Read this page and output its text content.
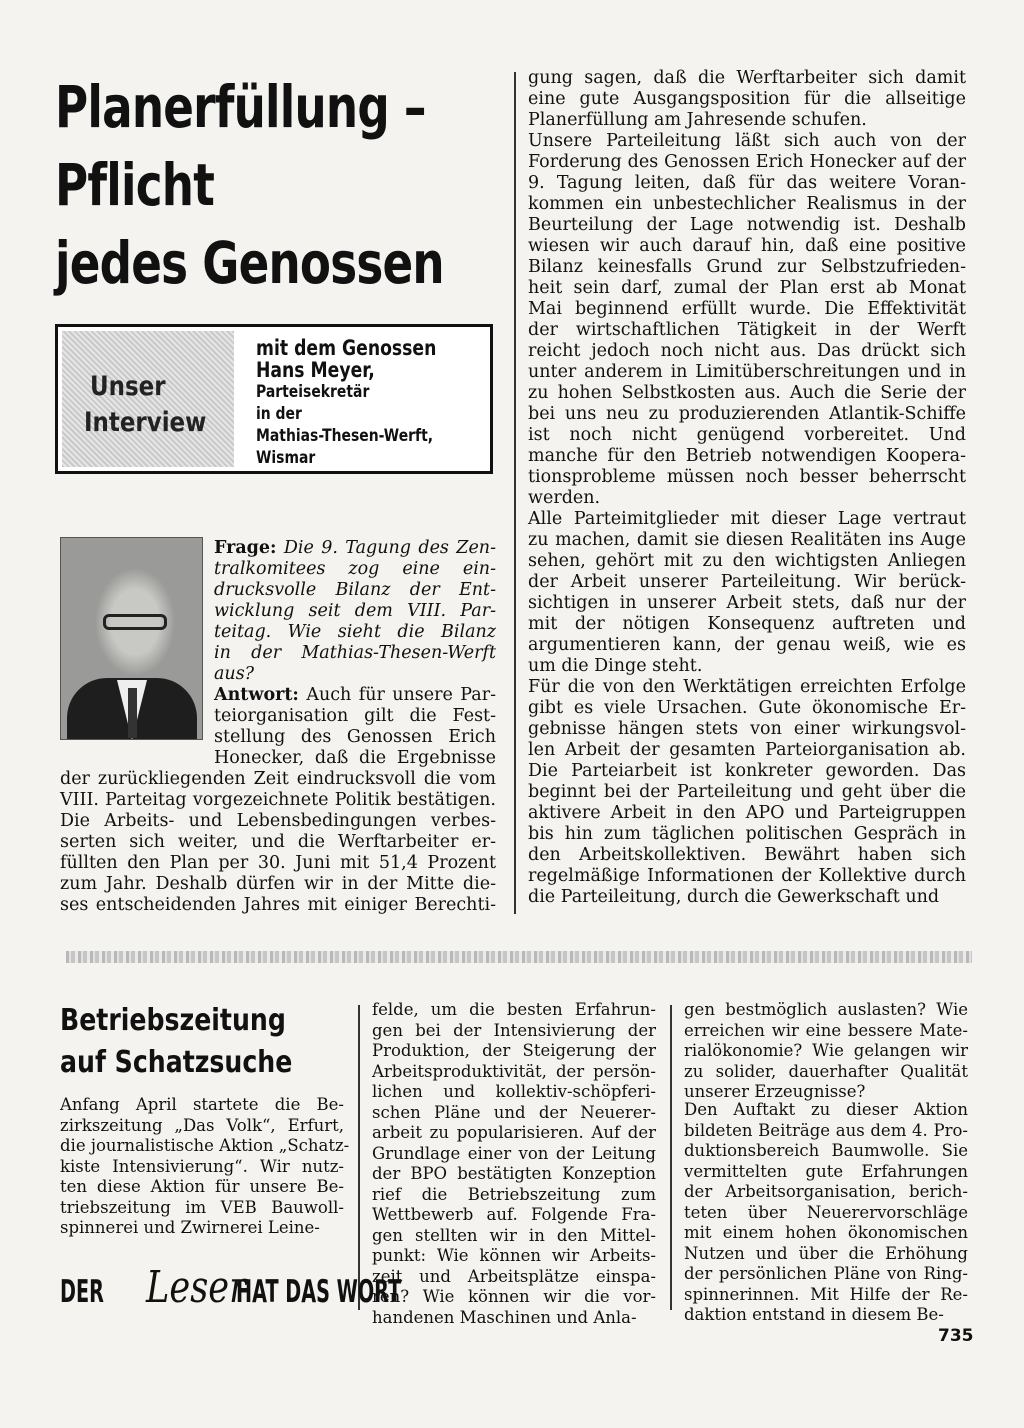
Planerfüllung –
Pflicht
jedes Genossen
Unser
Interview
mit dem Genossen
Hans Meyer,
Parteisekretär
in der
Mathias-Thesen-Werft,
Wismar
Frage: Die 9. Tagung des Zen-
tralkomitees zog eine ein-
drucksvolle Bilanz der Ent-
wicklung seit dem VIII. Par-
teitag. Wie sieht die Bilanz
in der Mathias-Thesen-Werft
aus?
Antwort: Auch für unsere Par-
teiorganisation gilt die Fest-
stellung des Genossen Erich
Honecker, daß die Ergebnisse
der zurückliegenden Zeit eindrucksvoll die vom
VIII. Parteitag vorgezeichnete Politik bestätigen.
Die Arbeits- und Lebensbedingungen verbes-
serten sich weiter, und die Werftarbeiter er-
füllten den Plan per 30. Juni mit 51,4 Prozent
zum Jahr. Deshalb dürfen wir in der Mitte die-
ses entscheidenden Jahres mit einiger Berechti-
gung sagen, daß die Werftarbeiter sich damit
eine gute Ausgangsposition für die allseitige
Planerfüllung am Jahresende schufen.
Unsere Parteileitung läßt sich auch von der
Forderung des Genossen Erich Honecker auf der
9. Tagung leiten, daß für das weitere Voran-
kommen ein unbestechlicher Realismus in der
Beurteilung der Lage notwendig ist. Deshalb
wiesen wir auch darauf hin, daß eine positive
Bilanz keinesfalls Grund zur Selbstzufrieden-
heit sein darf, zumal der Plan erst ab Monat
Mai beginnend erfüllt wurde. Die Effektivität
der wirtschaftlichen Tätigkeit in der Werft
reicht jedoch noch nicht aus. Das drückt sich
unter anderem in Limitüberschreitungen und in
zu hohen Selbstkosten aus. Auch die Serie der
bei uns neu zu produzierenden Atlantik-Schiffe
ist noch nicht genügend vorbereitet. Und
manche für den Betrieb notwendigen Koopera-
tionsprobleme müssen noch besser beherrscht
werden.
Alle Parteimitglieder mit dieser Lage vertraut
zu machen, damit sie diesen Realitäten ins Auge
sehen, gehört mit zu den wichtigsten Anliegen
der Arbeit unserer Parteileitung. Wir berück-
sichtigen in unserer Arbeit stets, daß nur der
mit der nötigen Konsequenz auftreten und
argumentieren kann, der genau weiß, wie es
um die Dinge steht.
Für die von den Werktätigen erreichten Erfolge
gibt es viele Ursachen. Gute ökonomische Er-
gebnisse hängen stets von einer wirkungsvol-
len Arbeit der gesamten Parteiorganisation ab.
Die Parteiarbeit ist konkreter geworden. Das
beginnt bei der Parteileitung und geht über die
aktivere Arbeit in den APO und Parteigruppen
bis hin zum täglichen politischen Gespräch in
den Arbeitskollektiven. Bewährt haben sich
regelmäßige Informationen der Kollektive durch
die Parteileitung, durch die Gewerkschaft und
Betriebszeitung
auf Schatzsuche
Anfang April startete die Be-
zirkszeitung „Das Volk“, Erfurt,
die journalistische Aktion „Schatz-
kiste Intensivierung“. Wir nutz-
ten diese Aktion für unsere Be-
triebszeitung im VEB Bauwoll-
spinnerei und Zwirnerei Leine-
felde, um die besten Erfahrun-
gen bei der Intensivierung der
Produktion, der Steigerung der
Arbeitsproduktivität, der persön-
lichen und kollektiv-schöpferi-
schen Pläne und der Neuerer-
arbeit zu popularisieren. Auf der
Grundlage einer von der Leitung
der BPO bestätigten Konzeption
rief die Betriebszeitung zum
Wettbewerb auf. Folgende Fra-
gen stellten wir in den Mittel-
punkt: Wie können wir Arbeits-
zeit und Arbeitsplätze einspa-
ren? Wie können wir die vor-
handenen Maschinen und Anla-
gen bestmöglich auslasten? Wie
erreichen wir eine bessere Mate-
rialökonomie? Wie gelangen wir
zu solider, dauerhafter Qualität
unserer Erzeugnisse?
Den Auftakt zu dieser Aktion
bildeten Beiträge aus dem 4. Pro-
duktionsbereich Baumwolle. Sie
vermittelten gute Erfahrungen
der Arbeitsorganisation, berich-
teten über Neuerervorschläge
mit einem hohen ökonomischen
Nutzen und über die Erhöhung
der persönlichen Pläne von Ring-
spinnerinnen. Mit Hilfe der Re-
daktion entstand in diesem Be-
DER Leser
HAT DAS WORT
735
